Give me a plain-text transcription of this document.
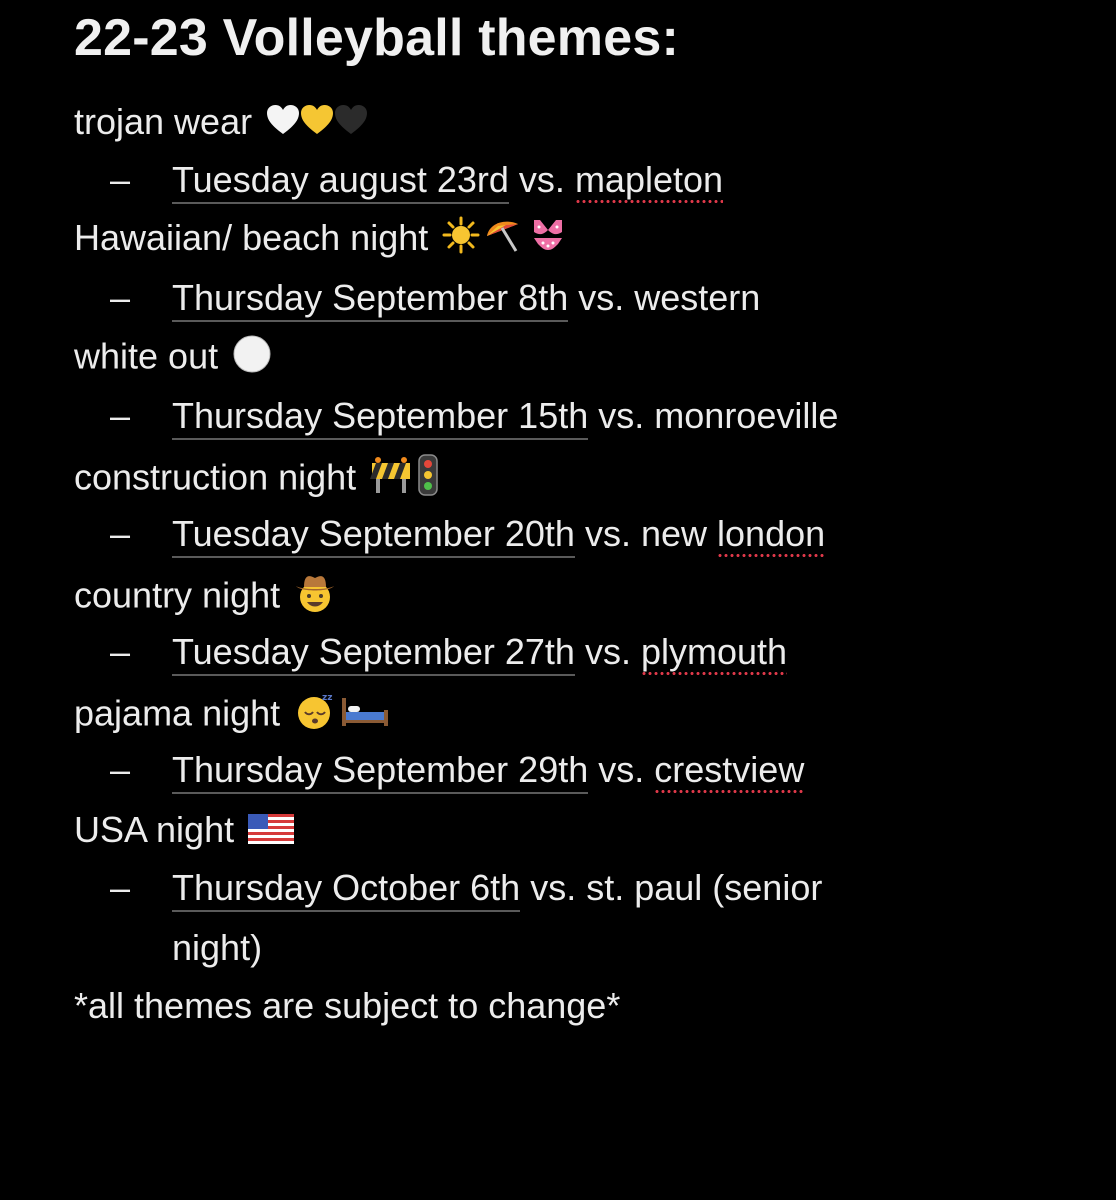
22-23 Volleyball themes:
trojan wear
– Tuesday august 23rd vs. mapleton
Hawaiian/ beach night
– Thursday September 8th vs. western
white out
– Thursday September 15th vs. monroeville
construction night
– Tuesday September 20th vs. new london
country night
– Tuesday September 27th vs. plymouth
pajama night	zz
– Thursday September 29th vs. crestview
USA night
– Thursday October 6th vs. st. paul (senior
night)
*all themes are subject to change*
